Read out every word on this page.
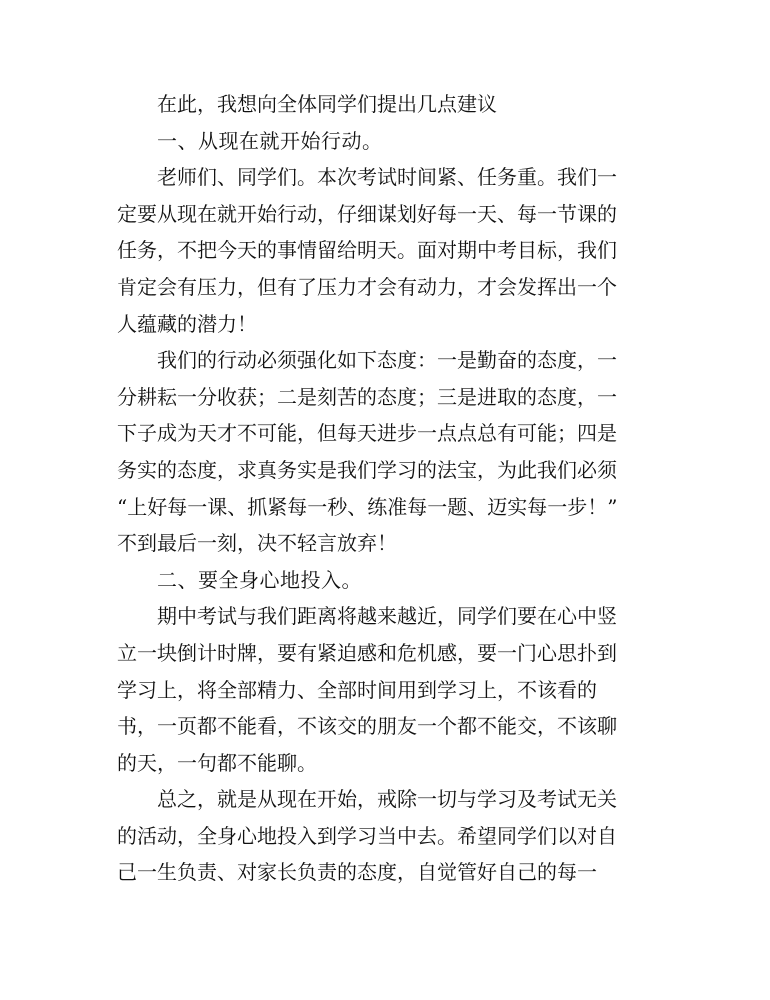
在此，我想向全体同学们提出几点建议
一、从现在就开始行动。
老师们、同学们。本次考试时间紧、任务重。我们一
定要从现在就开始行动，仔细谋划好每一天、每一节课的
任务，不把今天的事情留给明天。面对期中考目标，我们
肯定会有压力，但有了压力才会有动力，才会发挥出一个
人蕴藏的潜力！
我们的行动必须强化如下态度：一是勤奋的态度，一
分耕耘一分收获；二是刻苦的态度；三是进取的态度，一
下子成为天才不可能，但每天进步一点点总有可能；四是
务实的态度，求真务实是我们学习的法宝，为此我们必须
“上好每一课、抓紧每一秒、练准每一题、迈实每一步！”
不到最后一刻，决不轻言放弃！
二、要全身心地投入。
期中考试与我们距离将越来越近，同学们要在心中竖
立一块倒计时牌，要有紧迫感和危机感，要一门心思扑到
学习上，将全部精力、全部时间用到学习上，不该看的
书，一页都不能看，不该交的朋友一个都不能交，不该聊
的天，一句都不能聊。
总之，就是从现在开始，戒除一切与学习及考试无关
的活动，全身心地投入到学习当中去。希望同学们以对自
己一生负责、对家长负责的态度，自觉管好自己的每一
